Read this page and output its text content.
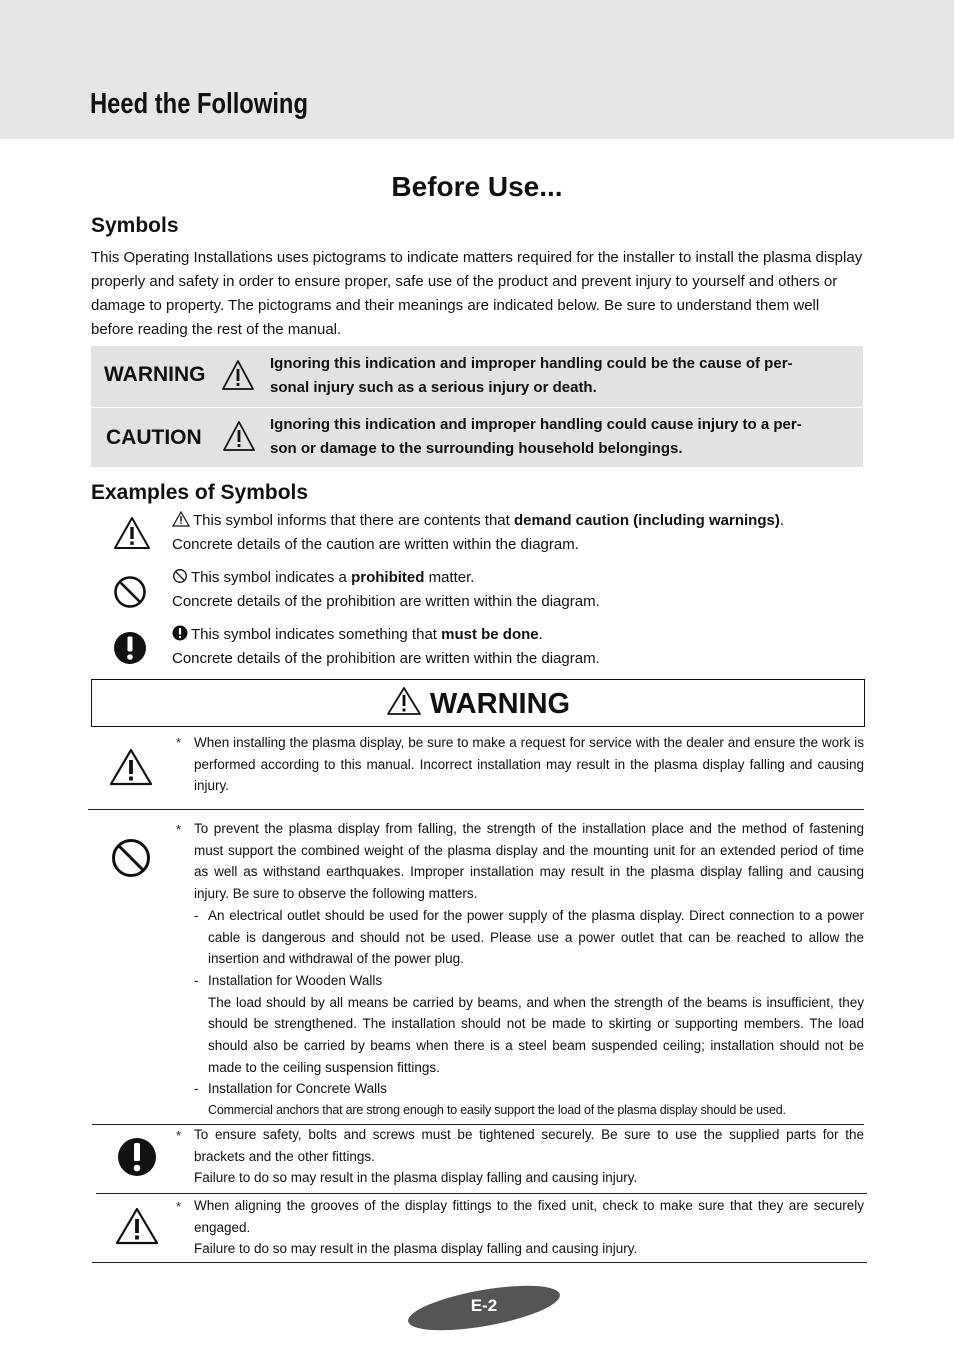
Heed the Following
Before Use...
Symbols

This Operating Installations uses pictograms to indicate matters required for the installer to install the plasma display properly and safety in order to ensure proper, safe use of the product and prevent injury to yourself and others or damage to property. The pictograms and their meanings are indicated below. Be sure to understand them well before reading the rest of the manual.

WARNING	Ignoring this indication and improper handling could be the cause of per-
sonal injury such as a serious injury or death.
CAUTION
Ignoring this indication and improper handling could cause injury to a per-
son or damage to the surrounding household belongings.
Examples of Symbols
This symbol informs that there are contents that demand caution (including warnings).
Concrete details of the caution are written within the diagram.
This symbol indicates a prohibited matter.
Concrete details of the prohibition are written within the diagram.
This symbol indicates something that must be done.
Concrete details of the prohibition are written within the diagram.
WARNING
* When installing the plasma display, be sure to make a request for service with the dealer and ensure the work is performed according to this manual. Incorrect installation may result in the plasma display falling and causing injury.
* To prevent the plasma display from falling, the strength of the installation place and the method of fastening must support the combined weight of the plasma display and the mounting unit for an extended period of time as well as withstand earthquakes. Improper installation may result in the plasma display falling and causing injury. Be sure to observe the following matters.
- An electrical outlet should be used for the power supply of the plasma display. Direct connection to a power cable is dangerous and should not be used. Please use a power outlet that can be reached to allow the insertion and withdrawal of the power plug.
- Installation for Wooden Walls
The load should by all means be carried by beams, and when the strength of the beams is insufficient, they should be strengthened. The installation should not be made to skirting or supporting members. The load should also be carried by beams when there is a steel beam suspended ceiling; installation should not be made to the ceiling suspension fittings.
- Installation for Concrete Walls
Commercial anchors that are strong enough to easily support the load of the plasma display should be used.
* To ensure safety, bolts and screws must be tightened securely. Be sure to use the supplied parts for the brackets and the other fittings.
Failure to do so may result in the plasma display falling and causing injury.
* When aligning the grooves of the display fittings to the fixed unit, check to make sure that they are securely engaged.
Failure to do so may result in the plasma display falling and causing injury.
E-2
